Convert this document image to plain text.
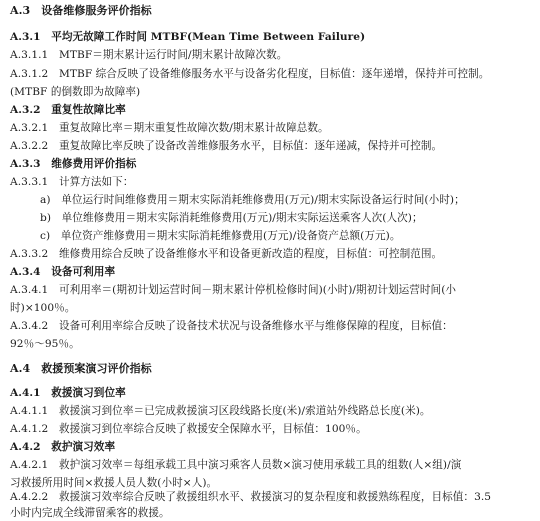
A.3　设备维修服务评价指标
A.3.1　平均无故障工作时间 MTBF(Mean Time Between Failure)
A.3.1.1　MTBF＝期末累计运行时间/期末累计故障次数。
A.3.1.2　MTBF 综合反映了设备维修服务水平与设备劣化程度，目标值：逐年递增，保持并可控制。
(MTBF 的倒数即为故障率)
A.3.2　重复性故障比率
A.3.2.1　重复故障比率＝期末重复性故障次数/期末累计故障总数。
A.3.2.2　重复故障比率反映了设备改善维修服务水平，目标值：逐年递减，保持并可控制。
A.3.3　维修费用评价指标
A.3.3.1　计算方法如下：
a)　单位运行时间维修费用＝期末实际消耗维修费用(万元)/期末实际设备运行时间(小时)；
b)　单位维修费用＝期末实际消耗维修费用(万元)/期末实际运送乘客人次(人次)；
c)　单位资产维修费用＝期末实际消耗维修费用(万元)/设备资产总额(万元)。
A.3.3.2　维修费用综合反映了设备维修水平和设备更新改造的程度，目标值：可控制范围。
A.3.4　设备可利用率
A.3.4.1　可利用率＝(期初计划运营时间－期末累计停机检修时间)(小时)/期初计划运营时间(小
时)×100％。
A.3.4.2　设备可利用率综合反映了设备技术状况与设备维修水平与维修保障的程度，目标值：
92％～95％。
A.4　救援预案演习评价指标
A.4.1　救援演习到位率
A.4.1.1　救援演习到位率＝已完成救援演习区段线路长度(米)/索道站外线路总长度(米)。
A.4.1.2　救援演习到位率综合反映了救援安全保障水平，目标值：100％。
A.4.2　救护演习效率
A.4.2.1　救护演习效率＝每组承载工具中演习乘客人员数×演习使用承载工具的组数(人×组)/演
习救援所用时间×救援人员人数(小时×人)。
A.4.2.2　救援演习效率综合反映了救援组织水平、救援演习的复杂程度和救援熟练程度，目标值：3.5
小时内完成全线滞留乘客的救援。
